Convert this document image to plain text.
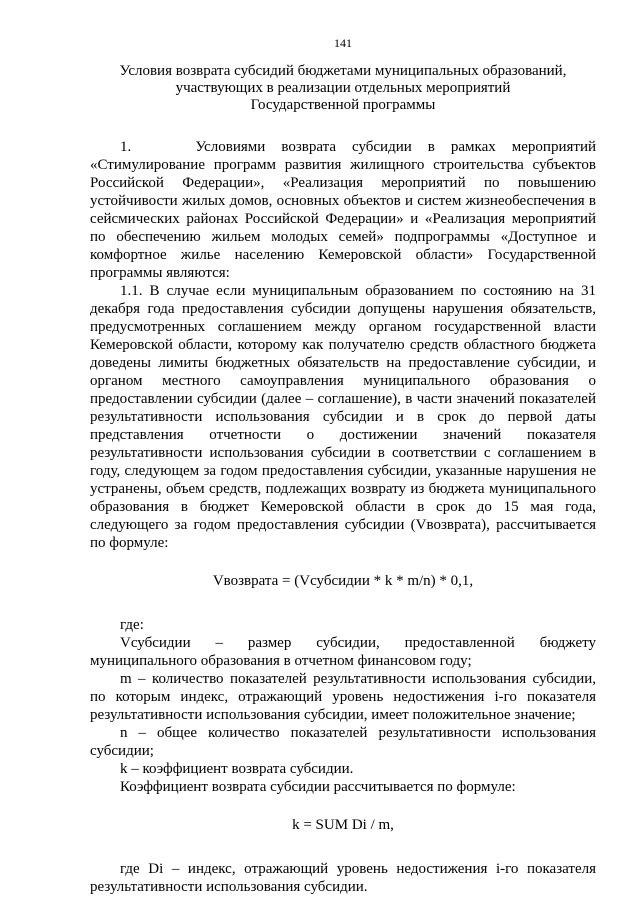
141
Условия возврата субсидий бюджетами муниципальных образований,
участвующих в реализации отдельных мероприятий
Государственной программы

1.    Условиями возврата субсидии в рамках мероприятий «Стимулирование программ развития жилищного строительства субъектов Российской Федерации», «Реализация мероприятий по повышению устойчивости жилых домов, основных объектов и систем жизнеобеспечения в сейсмических районах Российской Федерации» и «Реализация мероприятий по обеспечению жильем молодых семей» подпрограммы «Доступное и комфортное жилье населению Кемеровской области» Государственной программы являются:

1.1. В случае если муниципальным образованием по состоянию на 31 декабря года предоставления субсидии допущены нарушения обязательств, предусмотренных соглашением между органом государственной власти Кемеровской области, которому как получателю средств областного бюджета доведены лимиты бюджетных обязательств на предоставление субсидии, и органом местного самоуправления муниципального образования о предоставлении субсидии (далее – соглашение), в части значений показателей результативности использования субсидии и в срок до первой даты представления отчетности о достижении значений показателя результативности использования субсидии в соответствии с соглашением в году, следующем за годом предоставления субсидии, указанные нарушения не устранены, объем средств, подлежащих возврату из бюджета муниципального образования в бюджет Кемеровской области в срок до 15 мая года, следующего за годом предоставления субсидии (Vвозврата), рассчитывается по формуле:

Vвозврата = (Vсубсидии * k * m/n) * 0,1,

где:

Vсубсидии – размер субсидии, предоставленной бюджету муниципального образования в отчетном финансовом году;

m – количество показателей результативности использования субсидии, по которым индекс, отражающий уровень недостижения i-го показателя результативности использования субсидии, имеет положительное значение;

n – общее количество показателей результативности использования субсидии;

k – коэффициент возврата субсидии.

Коэффициент возврата субсидии рассчитывается по формуле:

k = SUM Di / m,

где Di – индекс, отражающий уровень недостижения i-го показателя результативности использования субсидии.
